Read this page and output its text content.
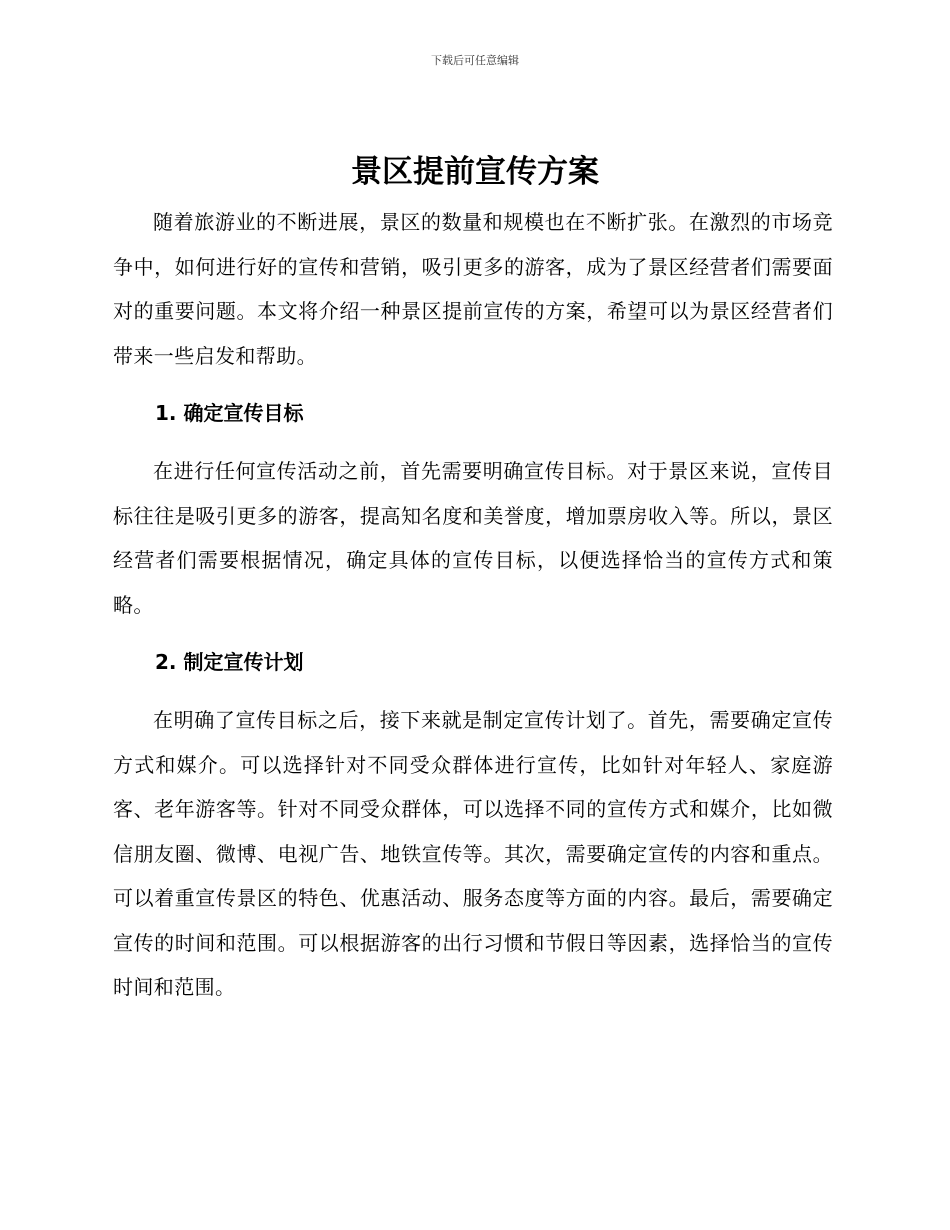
下载后可任意编辑
景区提前宣传方案

随着旅游业的不断进展，景区的数量和规模也在不断扩张。在激烈的市场竞争中，如何进行好的宣传和营销，吸引更多的游客，成为了景区经营者们需要面对的重要问题。本文将介绍一种景区提前宣传的方案，希望可以为景区经营者们带来一些启发和帮助。

1. 确定宣传目标

在进行任何宣传活动之前，首先需要明确宣传目标。对于景区来说，宣传目标往往是吸引更多的游客，提高知名度和美誉度，增加票房收入等。所以，景区经营者们需要根据情况，确定具体的宣传目标，以便选择恰当的宣传方式和策略。

2. 制定宣传计划

在明确了宣传目标之后，接下来就是制定宣传计划了。首先，需要确定宣传方式和媒介。可以选择针对不同受众群体进行宣传，比如针对年轻人、家庭游客、老年游客等。针对不同受众群体，可以选择不同的宣传方式和媒介，比如微信朋友圈、微博、电视广告、地铁宣传等。其次，需要确定宣传的内容和重点。可以着重宣传景区的特色、优惠活动、服务态度等方面的内容。最后，需要确定宣传的时间和范围。可以根据游客的出行习惯和节假日等因素，选择恰当的宣传时间和范围。
